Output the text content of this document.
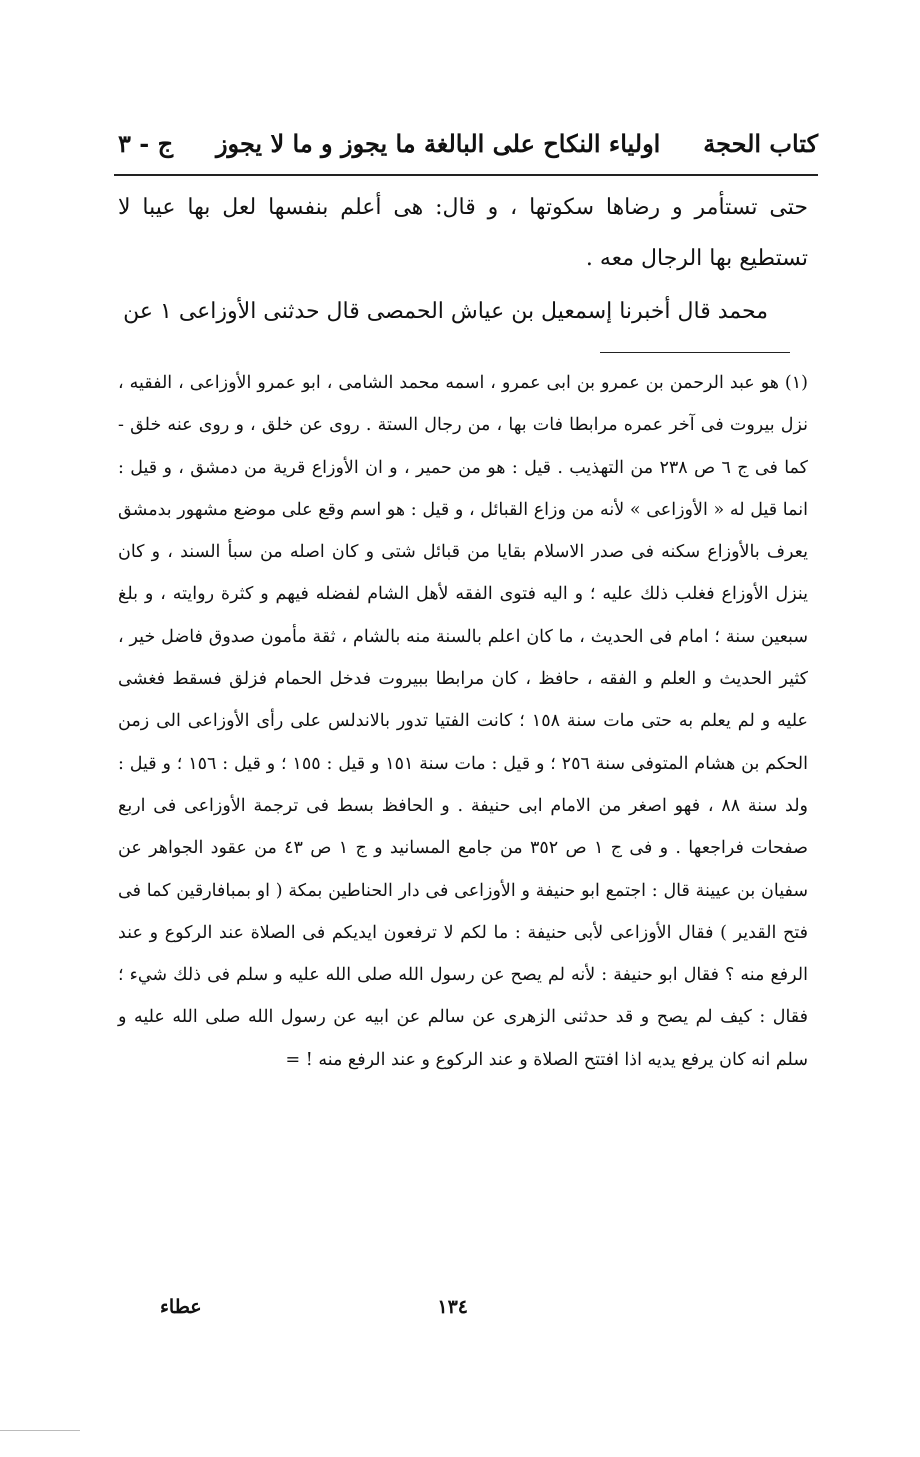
كتاب الحجة
اولياء النكاح على البالغة ما يجوز و ما لا يجوز
ج - ٣

حتى تستأمر و رضاها سكوتها ، و قال: هى أعلم بنفسها لعل بها عيبا لا تستطيع بها الرجال معه .

محمد قال أخبرنا إسمعيل بن عياش الحمصى قال حدثنى الأوزاعى ١ عن

(١) هو عبد الرحمن بن عمرو بن ابى عمرو ، اسمه محمد الشامى ، ابو عمرو الأوزاعى ، الفقيه ، نزل بيروت فى آخر عمره مرابطا فات بها ، من رجال الستة . روى عن خلق ، و روى عنه خلق - كما فى ج ٦ ص ٢٣٨ من التهذيب . قيل : هو من حمير ، و ان الأوزاع قرية من دمشق ، و قيل : انما قيل له « الأوزاعى » لأنه من وزاع القبائل ، و قيل : هو اسم وقع على موضع مشهور بدمشق يعرف بالأوزاع سكنه فى صدر الاسلام بقايا من قبائل شتى و كان اصله من سبأ السند ، و كان ينزل الأوزاع فغلب ذلك عليه ؛ و اليه فتوى الفقه لأهل الشام لفضله فيهم و كثرة روايته ، و بلغ سبعين سنة ؛ امام فى الحديث ، ما كان اعلم بالسنة منه بالشام ، ثقة مأمون صدوق فاضل خير ، كثير الحديث و العلم و الفقه ، حافظ ، كان مرابطا ببيروت فدخل الحمام فزلق فسقط فغشى عليه و لم يعلم به حتى مات سنة ١٥٨ ؛ كانت الفتيا تدور بالاندلس على رأى الأوزاعى الى زمن الحكم بن هشام المتوفى سنة ٢٥٦ ؛ و قيل : مات سنة ١٥١ و قيل : ١٥٥ ؛ و قيل : ١٥٦ ؛ و قيل : ولد سنة ٨٨ ، فهو اصغر من الامام ابى حنيفة . و الحافظ بسط فى ترجمة الأوزاعى فى اربع صفحات فراجعها . و فى ج ١ ص ٣٥٢ من جامع المسانيد و ج ١ ص ٤٣ من عقود الجواهر عن سفيان بن عيينة قال : اجتمع ابو حنيفة و الأوزاعى فى دار الحناطين بمكة ( او بمبافارقين كما فى فتح القدير ) فقال الأوزاعى لأبى حنيفة : ما لكم لا ترفعون ايديكم فى الصلاة عند الركوع و عند الرفع منه ؟ فقال ابو حنيفة : لأنه لم يصح عن رسول الله صلى الله عليه و سلم فى ذلك شيء ؛ فقال : كيف لم يصح و قد حدثنى الزهرى عن سالم عن ابيه عن رسول الله صلى الله عليه و سلم انه كان يرفع يديه اذا افتتح الصلاة و عند الركوع و عند الرفع منه ! =

١٣٤
عطاء
